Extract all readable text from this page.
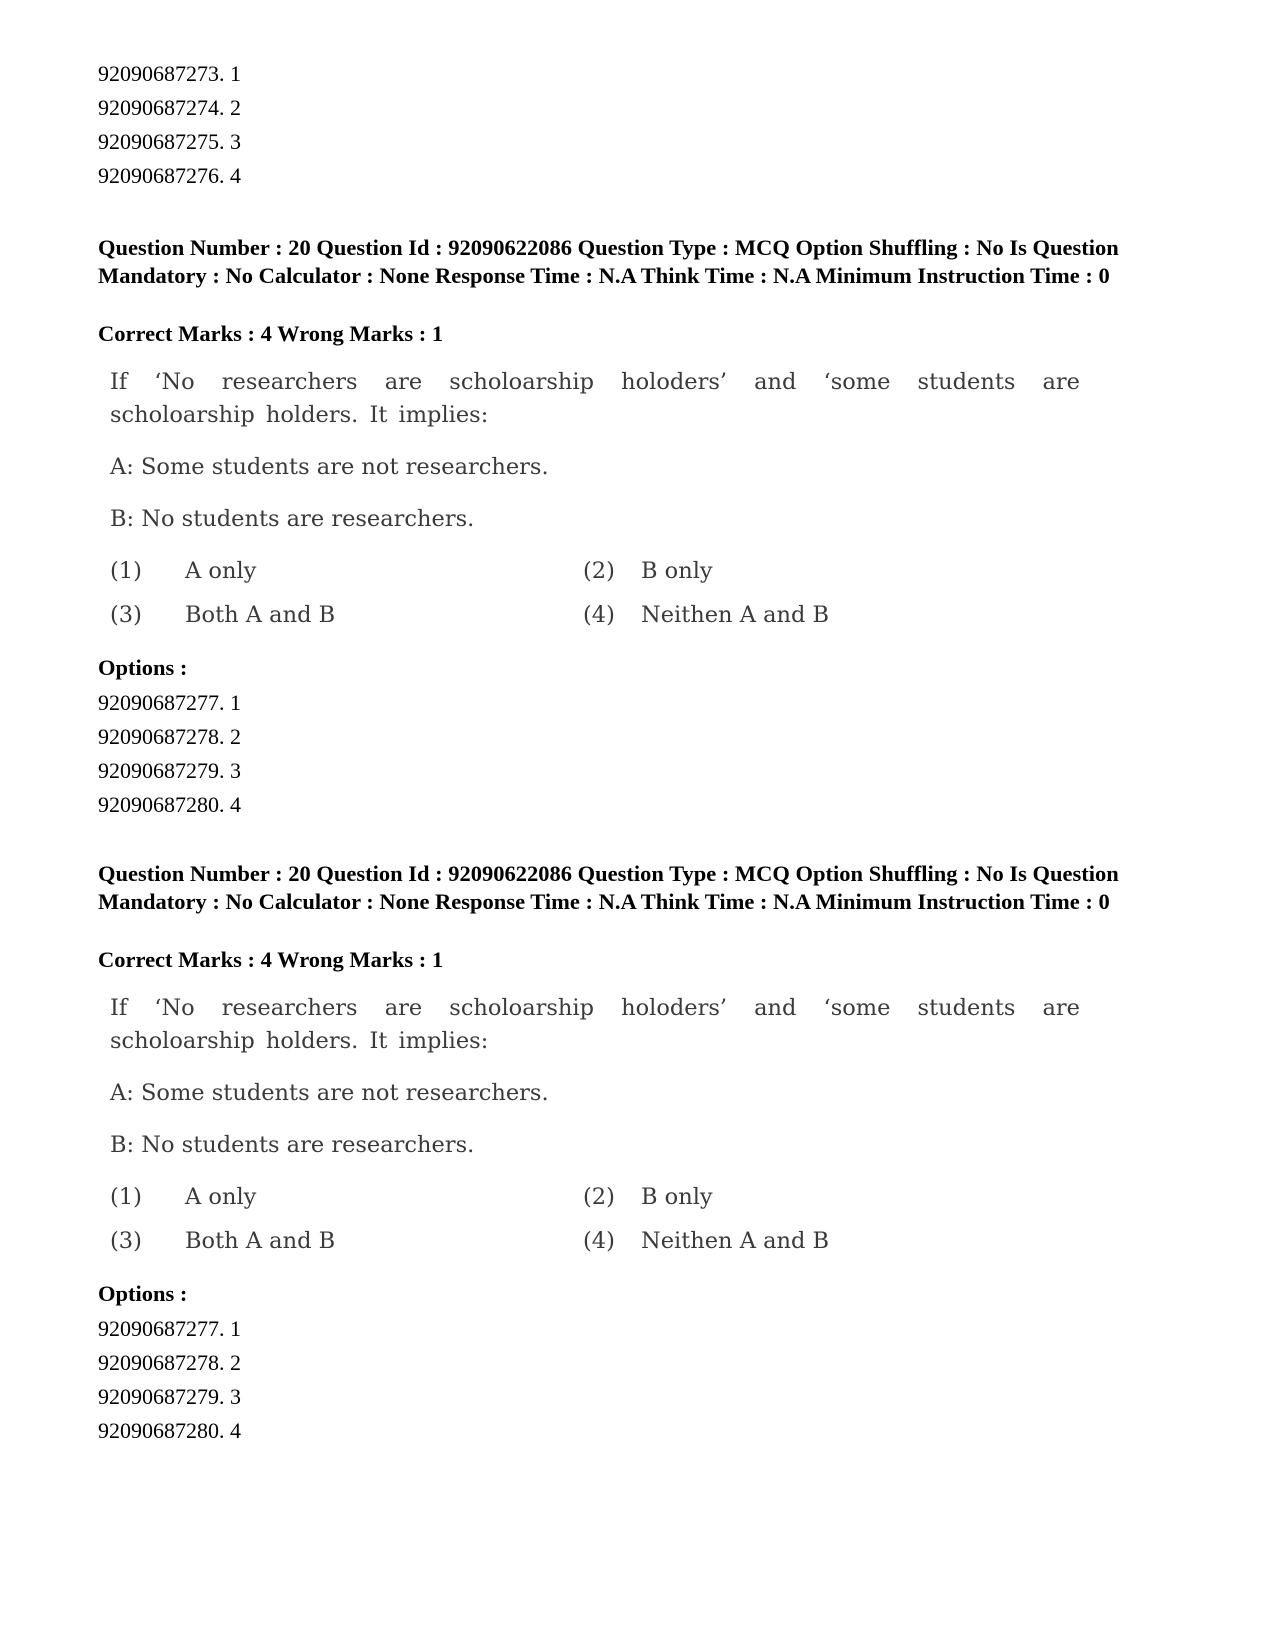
92090687273. 1
92090687274. 2
92090687275. 3
92090687276. 4
Question Number : 20 Question Id : 92090622086 Question Type : MCQ Option Shuffling : No Is Question Mandatory : No Calculator : None Response Time : N.A Think Time : N.A Minimum Instruction Time : 0
Correct Marks : 4 Wrong Marks : 1
If ‘No researchers are scholoarship holoders’ and ‘some students are scholoarship holders. It implies:
A: Some students are not researchers.
B: No students are researchers.
(1)	A only	(2)	B only
(3)	Both A and B	(4)	Neithen A and B
Options :
92090687277. 1
92090687278. 2
92090687279. 3
92090687280. 4
Question Number : 20 Question Id : 92090622086 Question Type : MCQ Option Shuffling : No Is Question Mandatory : No Calculator : None Response Time : N.A Think Time : N.A Minimum Instruction Time : 0
Correct Marks : 4 Wrong Marks : 1
If ‘No researchers are scholoarship holoders’ and ‘some students are scholoarship holders. It implies:
A: Some students are not researchers.
B: No students are researchers.
(1)	A only	(2)	B only
(3)	Both A and B	(4)	Neithen A and B
Options :
92090687277. 1
92090687278. 2
92090687279. 3
92090687280. 4
